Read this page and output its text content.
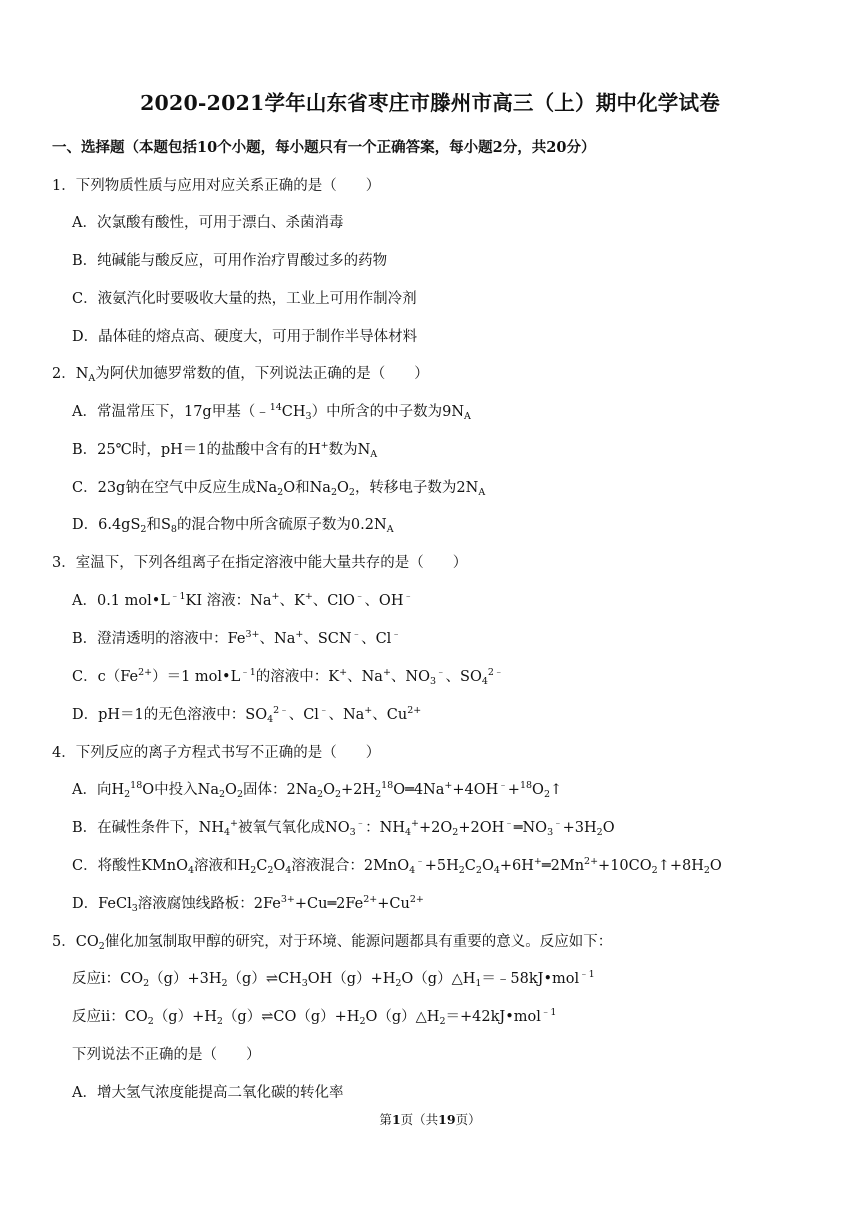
2020-2021学年山东省枣庄市滕州市高三（上）期中化学试卷
一、选择题（本题包括10个小题，每小题只有一个正确答案，每小题2分，共20分）
1．下列物质性质与应用对应关系正确的是（　　）
A．次氯酸有酸性，可用于漂白、杀菌消毒
B．纯碱能与酸反应，可用作治疗胃酸过多的药物
C．液氨汽化时要吸收大量的热，工业上可用作制冷剂
D．晶体硅的熔点高、硬度大，可用于制作半导体材料
2．$N_A$为阿伏加德罗常数的值，下列说法正确的是（　　）
A．常温常压下，17g甲基$(﹣^{14}CH_3)$中所含的中子数为$9N_A$
B．25℃时，pH＝1的盐酸中含有的H+数为$N_A$
C．23g钠在空气中反应生成$Na_2O$和$Na_2O_2$，转移电子数为$2N_A$
D．$6.4gS_2$和$S_8$的混合物中所含硫原子数为$0.2N_A$
3．室温下，下列各组离子在指定溶液中能大量共存的是（　　）
A．0.1 $mol•L^{﹣1}KI$ 溶液：Na+、K+、ClO﹣、OH﹣
B．澄清透明的溶液中：$Fe^{3+}$、Na+、SCN﹣、Cl﹣
C．$c(Fe^{2+})=1$ $mol•L^{﹣1}$的溶液中：K+、Na+、$NO_3^﹣$、$SO_4^{2﹣}$
D．pH＝1的无色溶液中：$SO_4^{2﹣}$、Cl﹣、Na+、$Cu^{2+}$
4．下列反应的离子方程式书写不正确的是（　　）
A．向$H_2^{18}O$中投入$Na_2O_2$固体：$2Na_2O_2+2H_2^{18}O═4Na^++4OH^﹣+^{18}O_2↑$
B．在碱性条件下，$NH_4^+$被氧气氧化成$NO_3^﹣$：$NH_4^++2O_2+2OH^﹣═NO_3^﹣+3H_2O$
C．将酸性KMnO$_4$溶液和$H_2C_2O_4$溶液混合：$2MnO_4^﹣+5H_2C_2O_4+6H^+═2Mn^{2+}+10CO_2↑+8H_2O$
D．FeCl$_3$溶液腐蚀线路板：$2Fe^{3+}+Cu═2Fe^{2+}+Cu^{2+}$
5．$CO_2$催化加氢制取甲醇的研究，对于环境、能源问题都具有重要的意义。反应如下：
反应ⅰ：$CO_2(g)+3H_2(g)\rightleftharpoons CH_3OH(g)+H_2O(g)\triangle H_1=﹣58kJ•mol^{﹣1}$
反应ⅱ：$CO_2(g)+H_2(g)\rightleftharpoons CO(g)+H_2O(g)\triangle H_2=+42kJ•mol^{﹣1}$
下列说法不正确的是（　　）
A．增大氢气浓度能提高二氧化碳的转化率
第1页（共19页）
